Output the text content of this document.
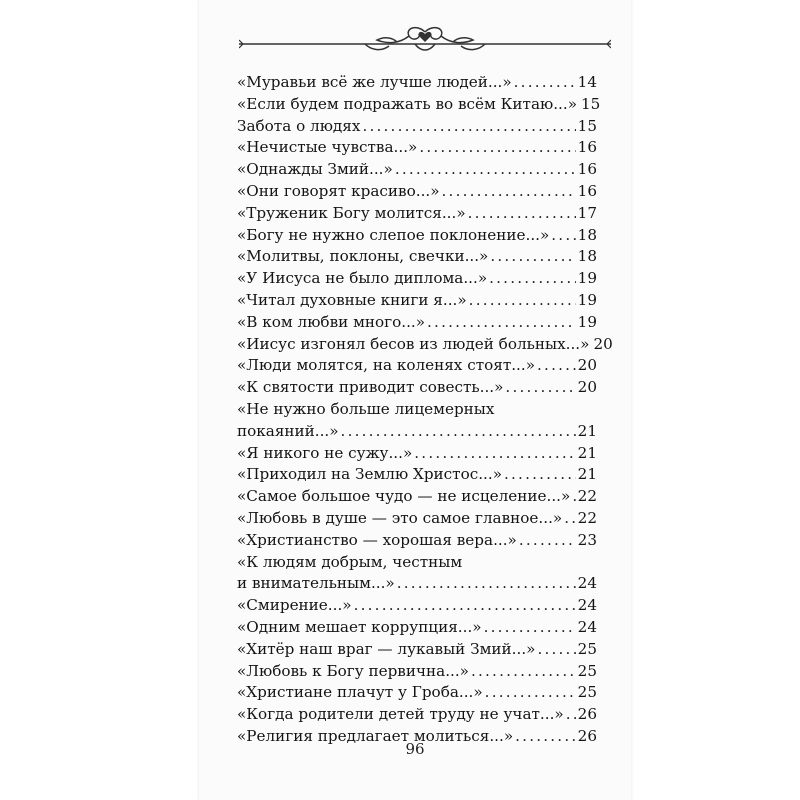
«Муравьи всё же лучше людей...» .....	14
«Если будем подражать во всём Китаю...» 15
Забота о людях .....	15
«Нечистые чувства...» .....	16
«Однажды Змий...» .....	16
«Они говорят красиво...» .....	16
«Труженик Богу молится...» .....	17
«Богу не нужно слепое поклонение...» ..... 18
«Молитвы, поклоны, свечки...» .....	18
«У Иисуса не было диплома...» .....	19
«Читал духовные книги я...» .....	19
«В ком любви много...» .....	19
«Иисус изгонял бесов из людей больных...» 20
«Люди молятся, на коленях стоят...» .....	20
«К святости приводит совесть...» .....	20
«Не нужно больше лицемерных
покаяний...» .....	21
«Я никого не сужу...» .....	21
«Приходил на Землю Христос...» .....	21
«Самое большое чудо — не исцеление...» ..... 22
«Любовь в душе — это самое главное...» ..... 22
«Христианство — хорошая вера...» .....	23
«К людям добрым, честным
и внимательным...» .....	24
«Смирение...» .....	24
«Одним мешает коррупция...» .....	24
«Хитёр наш враг — лукавый Змий...» .....	25
«Любовь к Богу первична...» .....	25
«Христиане плачут у Гроба...» .....	25
«Когда родители детей труду не учат...» ..... 26
«Религия предлагает молиться...» .....	26
96
